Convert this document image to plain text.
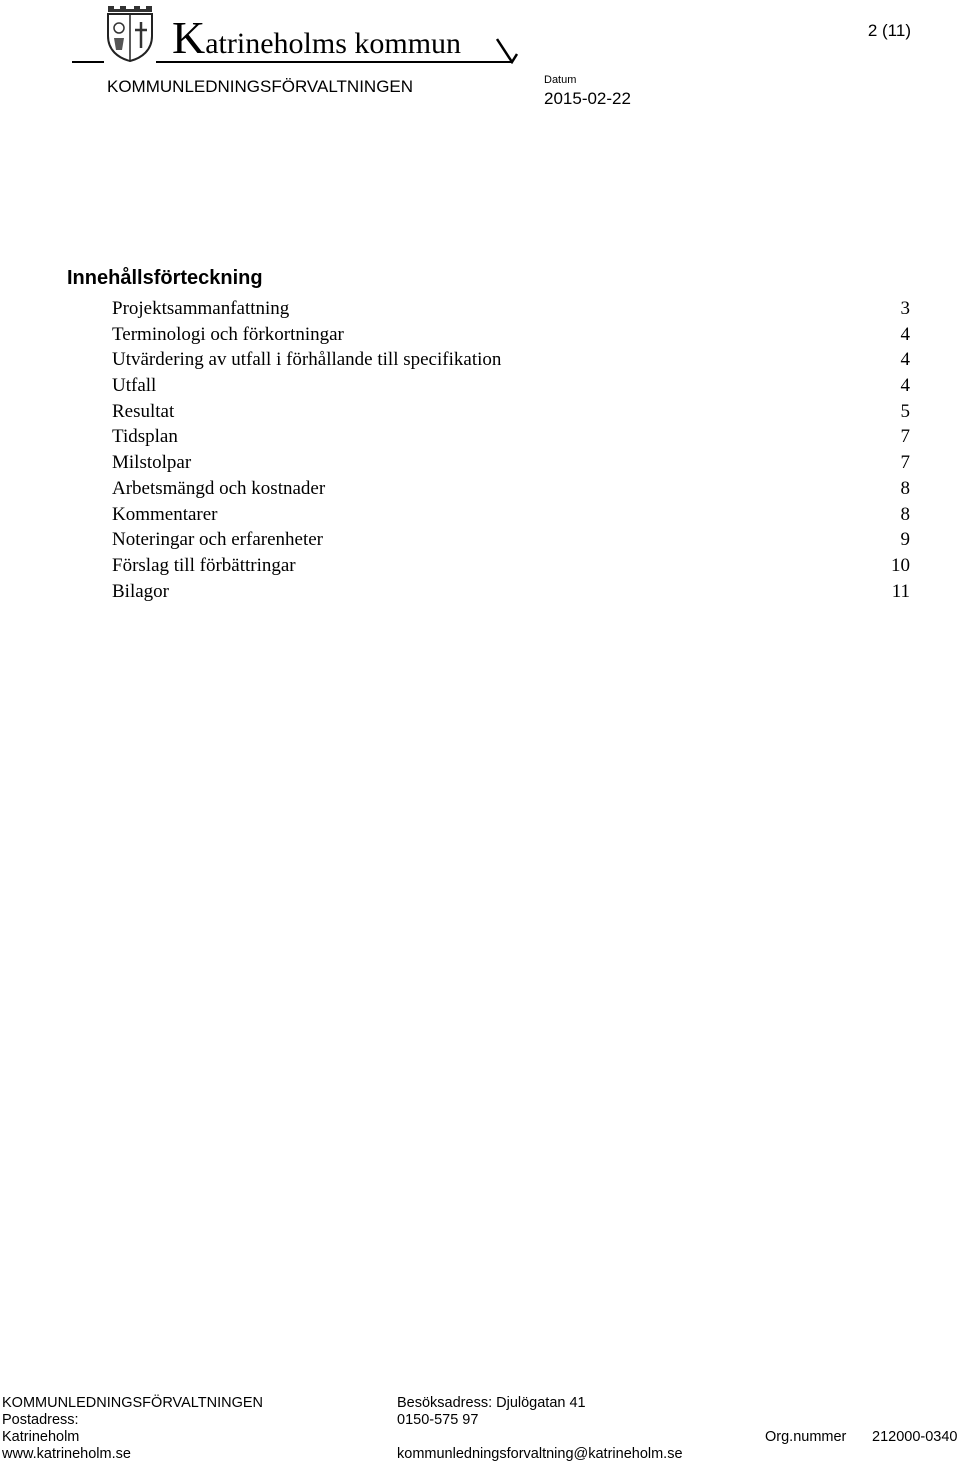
Katrineholms kommun
KOMMUNLEDNINGSFÖRVALTNINGEN	Datum
2015-02-22
2 (11)
Innehållsförteckning
Projektsammanfattning	3
Terminologi och förkortningar	4
Utvärdering av utfall i förhållande till specifikation	4
Utfall	4
Resultat	5
Tidsplan	7
Milstolpar	7
Arbetsmängd och kostnader	8
Kommentarer	8
Noteringar och erfarenheter	9
Förslag till förbättringar	10
Bilagor	11
KOMMUNLEDNINGSFÖRVALTNINGEN
Postadress:
Katrineholm
www.katrineholm.se
Besöksadress: Djulögatan 41
0150-575 97
kommunledningsforvaltning@katrineholm.se
Org.nummer 212000-0340
